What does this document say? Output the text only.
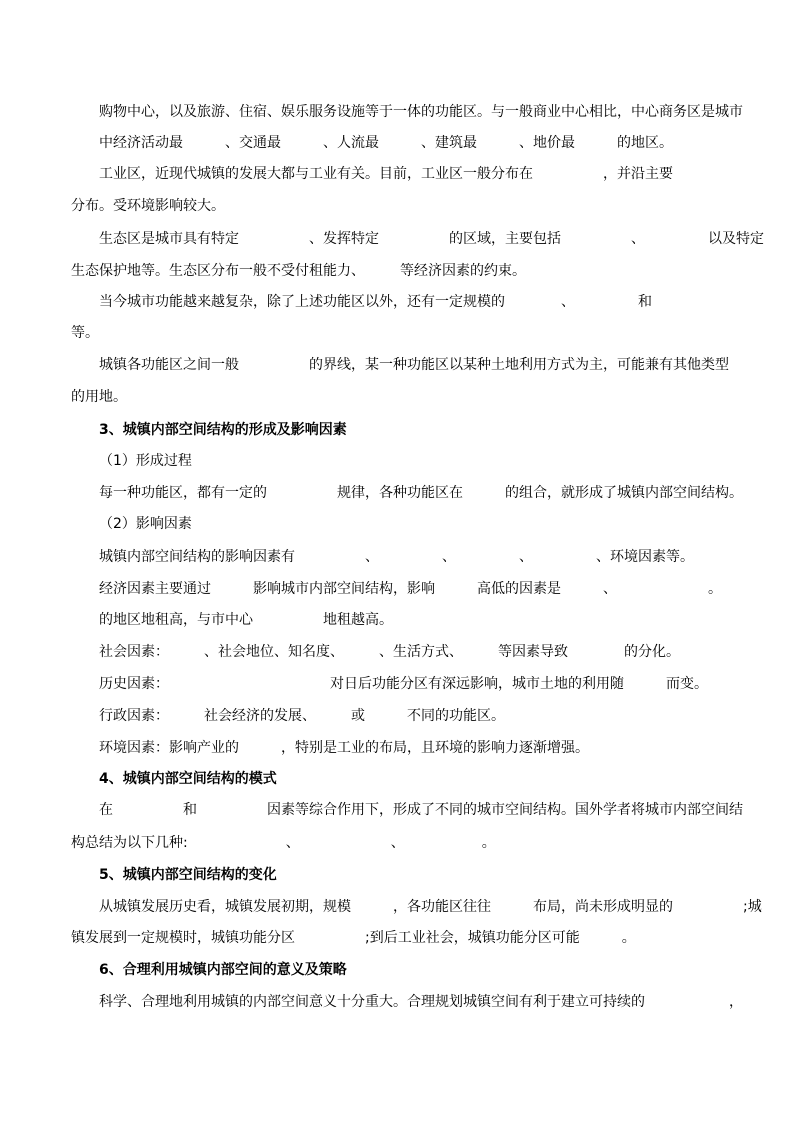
购物中心，以及旅游、住宿、娱乐服务设施等于一体的功能区。与一般商业中心相比，中心商务区是城市
中经济活动最　　　、交通最　　　、人流最　　　、建筑最　　　、地价最　　　的地区。
工业区，近现代城镇的发展大都与工业有关。目前，工业区一般分布在　　　　　，并沿主要
分布。受环境影响较大。
生态区是城市具有特定　　　　　、发挥特定　　　　　的区域，主要包括　　　　　、　　　　　以及特定
生态保护地等。生态区分布一般不受付租能力、　　　等经济因素的约束。
当今城市功能越来越复杂，除了上述功能区以外，还有一定规模的　　　　、　　　　　和
等。
城镇各功能区之间一般　　　　　的界线，某一种功能区以某种土地利用方式为主，可能兼有其他类型
的用地。
3、城镇内部空间结构的形成及影响因素
（1）形成过程
每一种功能区，都有一定的　　　　　规律，各种功能区在　　　的组合，就形成了城镇内部空间结构。
（2）影响因素
城镇内部空间结构的影响因素有　　　　　、　　　　　、　　　　　、　　　　　、环境因素等。
经济因素主要通过　　　影响城市内部空间结构，影响　　　高低的因素是　　　、　　　　　　　。
的地区地租高，与市中心　　　　　地租越高。
社会因素：　　　、社会地位、知名度、　　　、生活方式、　　　等因素导致　　　　的分化。
历史因素：　　　　　　　　　　　　对日后功能分区有深远影响，城市土地的利用随　　　而变。
行政因素：　　　社会经济的发展、　　　或　　　不同的功能区。
环境因素：影响产业的　　　，特别是工业的布局，且环境的影响力逐渐增强。
4、城镇内部空间结构的模式
在　　　　　和　　　　　因素等综合作用下，形成了不同的城市空间结构。国外学者将城市内部空间结
构总结为以下几种:　　　　　　　、　　　　　　　、　　　　　　。
5、城镇内部空间结构的变化
从城镇发展历史看，城镇发展初期，规模　　　，各功能区往往　　　布局，尚未形成明显的　　　　　;城
镇发展到一定规模时，城镇功能分区　　　　　;到后工业社会，城镇功能分区可能　　　。
6、合理利用城镇内部空间的意义及策略
科学、合理地利用城镇的内部空间意义十分重大。合理规划城镇空间有利于建立可持续的　　　　　　，
